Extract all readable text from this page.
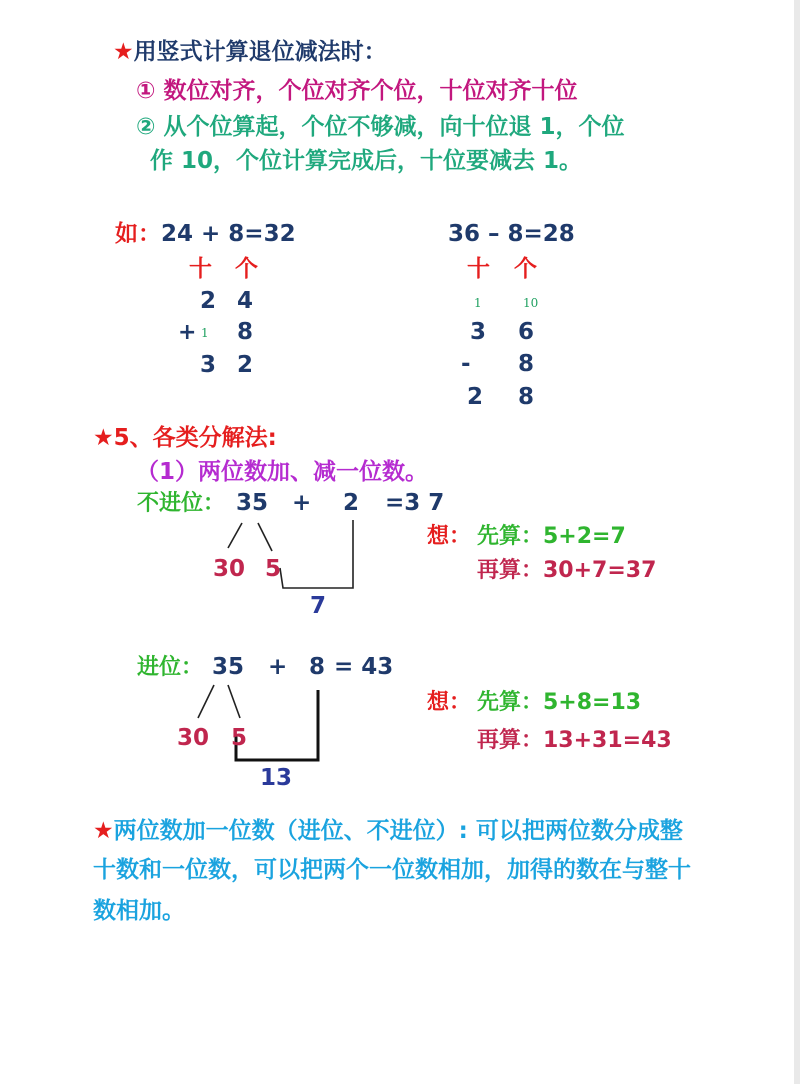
★用竖式计算退位减法时：
① 数位对齐，个位对齐个位，十位对齐十位
② 从个位算起，个位不够减，向十位退 1，个位
作 10，个位计算完成后，十位要减去 1。
如：24 + 8=32
十 个
2 4
+ 1 8
3 2
36 – 8=28
十 个
1	10
3 6
- 8
2 8
★5、各类分解法:
（1）两位数加、减一位数。
不进位： 35 + 2 =3 7
30 5
7
想： 先算：5+2=7
再算：30+7=37
进位： 35 + 8 = 43
30 5
13
想： 先算：5+8=13
再算：13+31=43
★两位数加一位数（进位、不进位）: 可以把两位数分成整
十数和一位数，可以把两个一位数相加，加得的数在与整十
数相加。
